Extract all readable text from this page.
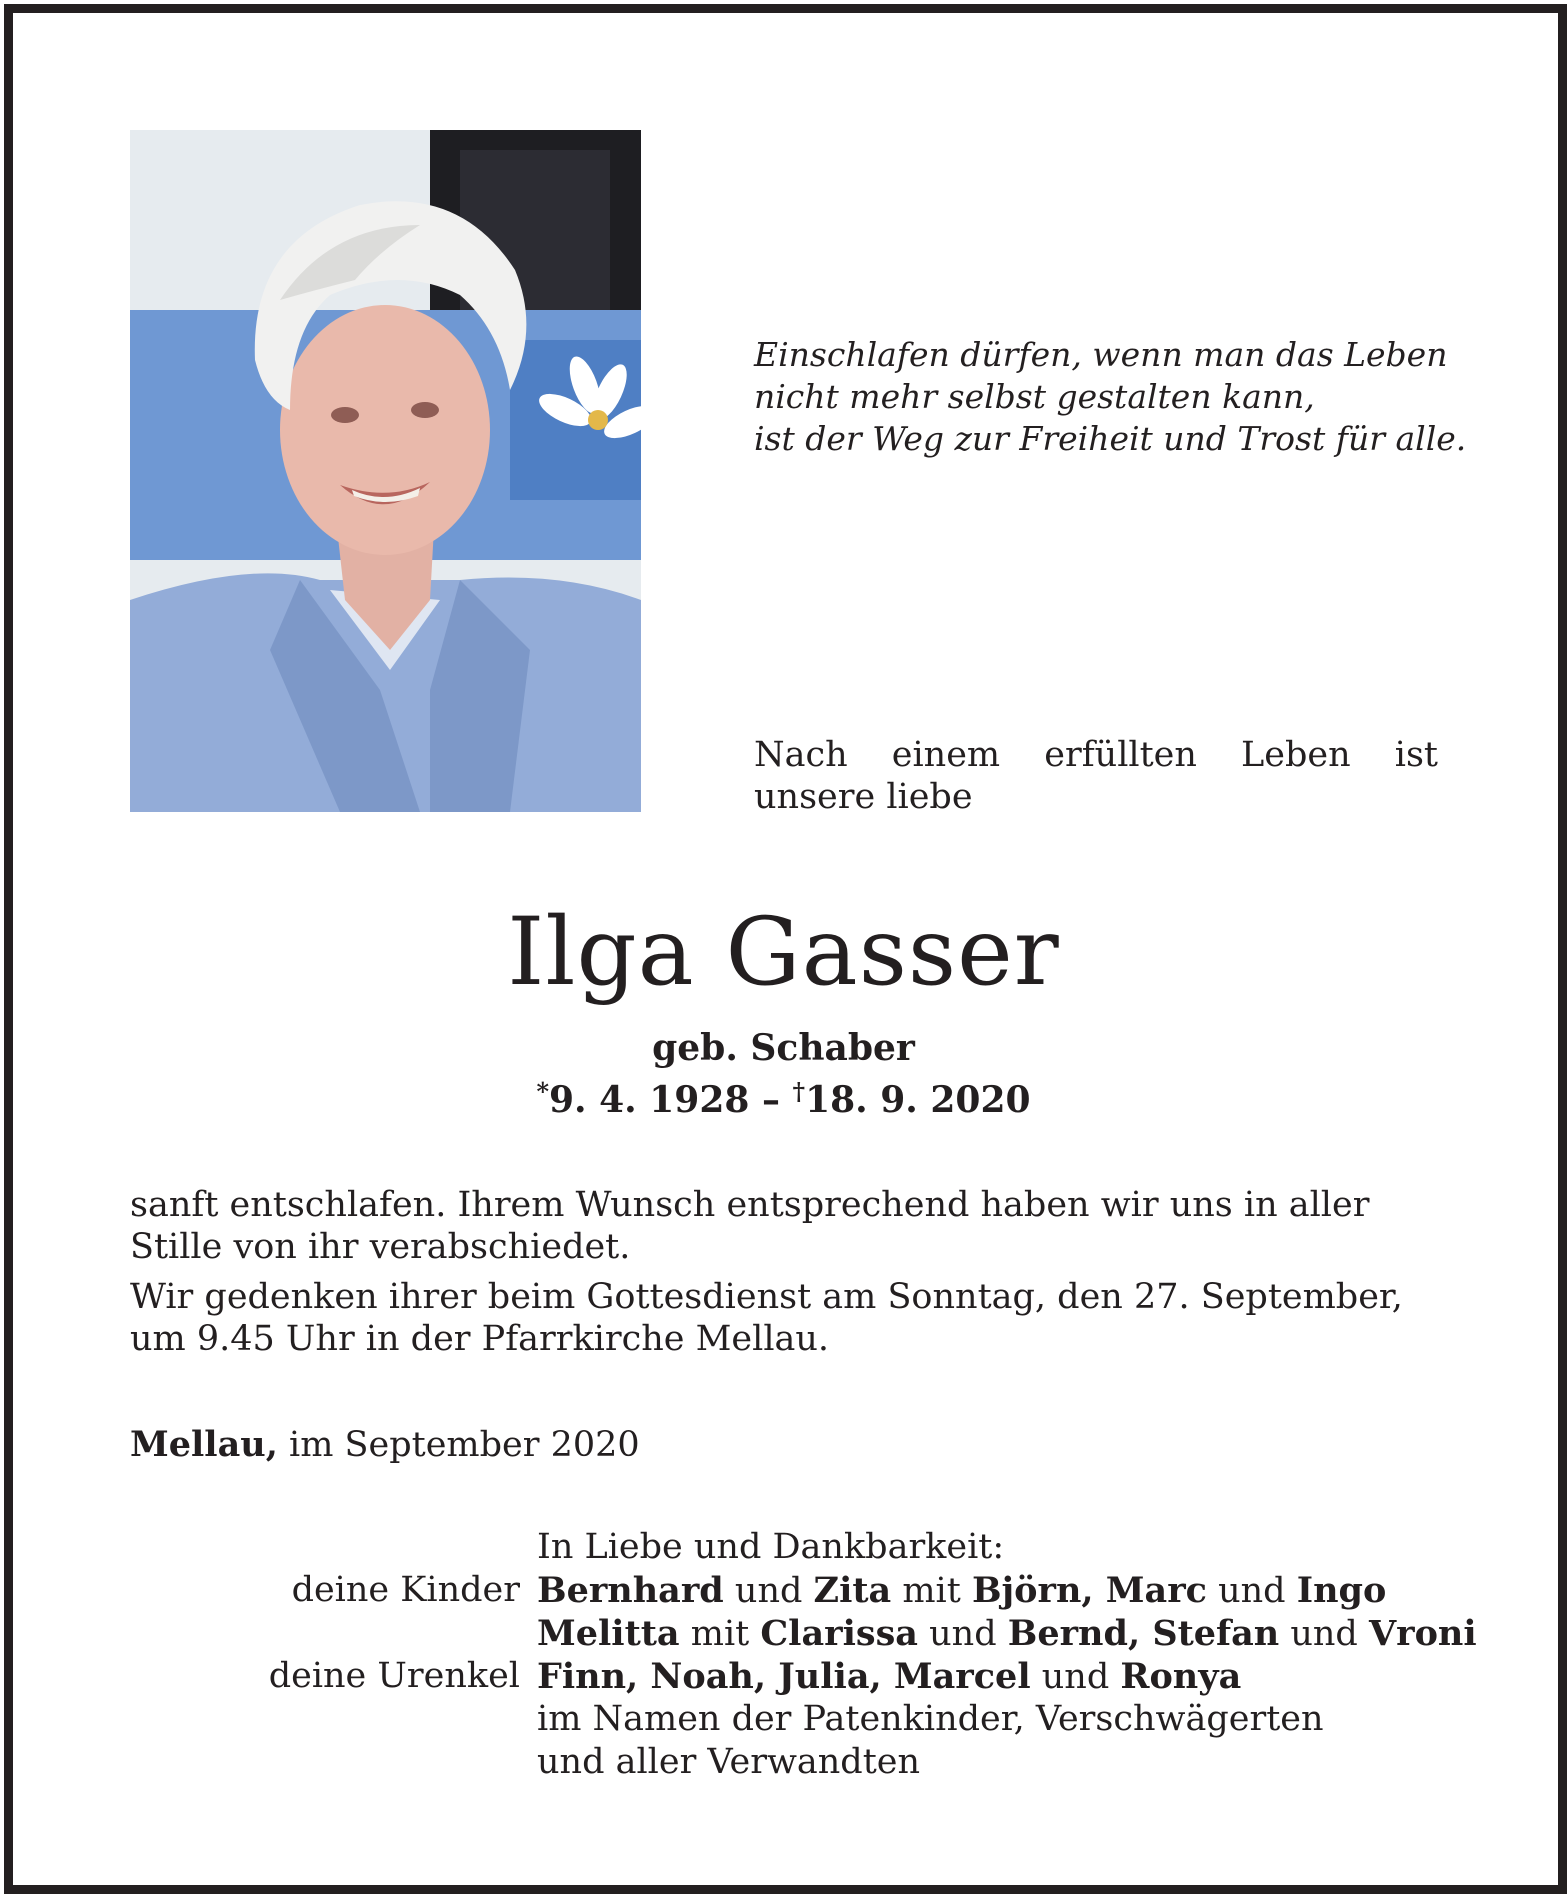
Einschlafen dürfen, wenn man das Leben
nicht mehr selbst gestalten kann,
ist der Weg zur Freiheit und Trost für alle.
Nach einem erfüllten Leben ist unsere liebe
Ilga Gasser
geb. Schaber
*9. 4. 1928 – †18. 9. 2020

sanft entschlafen. Ihrem Wunsch entsprechend haben wir uns in aller Stille von ihr verabschiedet.

Wir gedenken ihrer beim Gottesdienst am Sonntag, den 27. September, um 9.45 Uhr in der Pfarrkirche Mellau.

Mellau, im September 2020
In Liebe und Dankbarkeit:
deine Kinder Bernhard und Zita mit Björn, Marc und Ingo
Melitta mit Clarissa und Bernd, Stefan und Vroni
deine Urenkel Finn, Noah, Julia, Marcel und Ronya
im Namen der Patenkinder, Verschwägerten
und aller Verwandten
